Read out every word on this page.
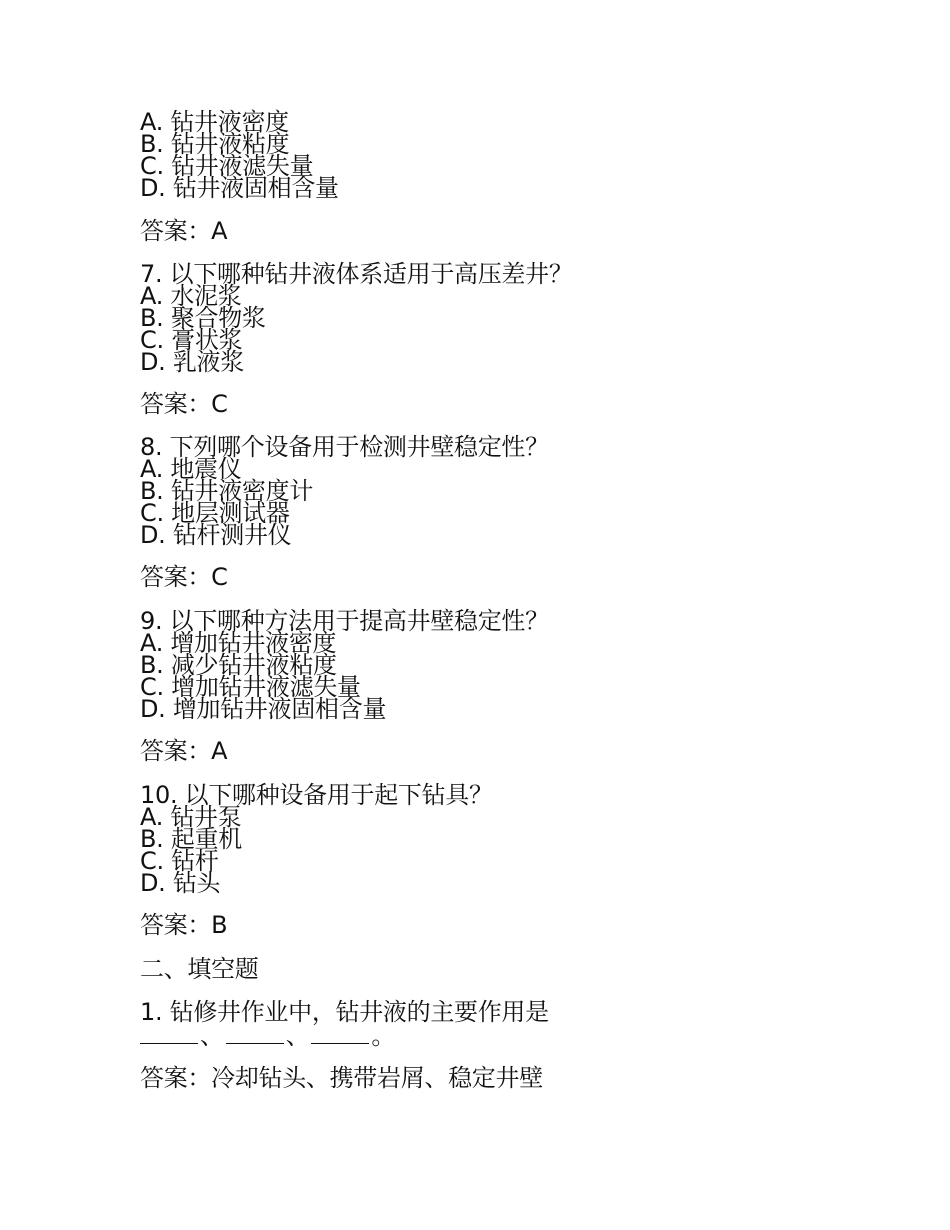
A. 钻井液密度
B. 钻井液粘度
C. 钻井液滤失量
D. 钻井液固相含量
答案：A
7. 以下哪种钻井液体系适用于高压差井？
A. 水泥浆
B. 聚合物浆
C. 膏状浆
D. 乳液浆
答案：C
8. 下列哪个设备用于检测井壁稳定性？
A. 地震仪
B. 钻井液密度计
C. 地层测试器
D. 钻杆测井仪
答案：C
9. 以下哪种方法用于提高井壁稳定性？
A. 增加钻井液密度
B. 减少钻井液粘度
C. 增加钻井液滤失量
D. 增加钻井液固相含量
答案：A
10. 以下哪种设备用于起下钻具？
A. 钻井泵
B. 起重机
C. 钻杆
D. 钻头
答案：B
二、填空题
1. 钻修井作业中，钻井液的主要作用是
、	、	。
答案：冷却钻头、携带岩屑、稳定井壁
